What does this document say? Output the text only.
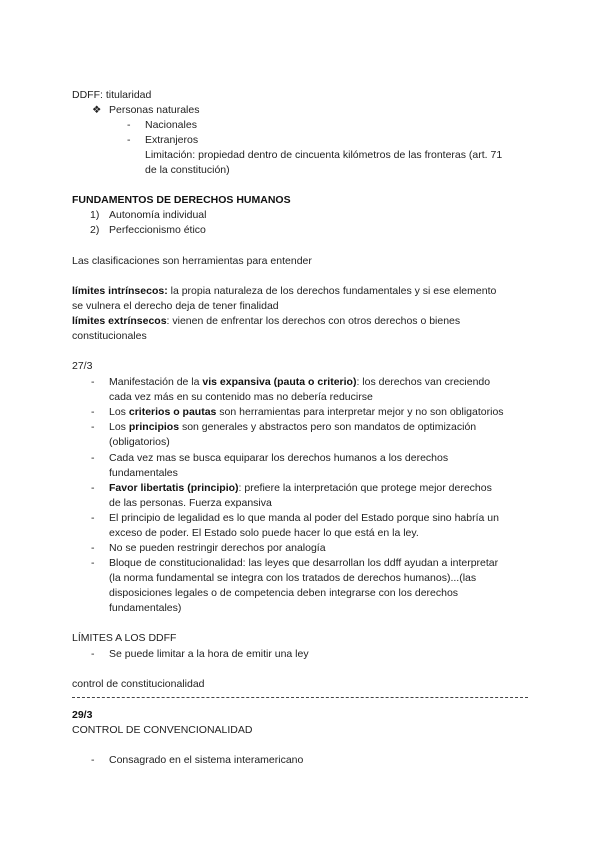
DDFF: titularidad
❖ Personas naturales
- Nacionales
- Extranjeros
Limitación: propiedad dentro de cincuenta kilómetros de las fronteras (art. 71
de la constitución)
FUNDAMENTOS DE DERECHOS HUMANOS
1) Autonomía individual
2) Perfeccionismo ético
Las clasificaciones son herramientas para entender
límites intrínsecos: la propia naturaleza de los derechos fundamentales y si ese elemento
se vulnera el derecho deja de tener finalidad
límites extrínsecos: vienen de enfrentar los derechos con otros derechos o bienes
constitucionales
27/3
- Manifestación de la vis expansiva (pauta o criterio): los derechos van creciendo
cada vez más en su contenido mas no debería reducirse
- Los criterios o pautas son herramientas para interpretar mejor y no son obligatorios
- Los principios son generales y abstractos pero son mandatos de optimización
(obligatorios)
- Cada vez mas se busca equiparar los derechos humanos a los derechos
fundamentales
- Favor libertatis (principio): prefiere la interpretación que protege mejor derechos
de las personas. Fuerza expansiva
- El principio de legalidad es lo que manda al poder del Estado porque sino habría un
exceso de poder. El Estado solo puede hacer lo que está en la ley.
- No se pueden restringir derechos por analogía
- Bloque de constitucionalidad: las leyes que desarrollan los ddff ayudan a interpretar
(la norma fundamental se integra con los tratados de derechos humanos)...(las
disposiciones legales o de competencia deben integrarse con los derechos
fundamentales)
LÍMITES A LOS DDFF
- Se puede limitar a la hora de emitir una ley
control de constitucionalidad
29/3
CONTROL DE CONVENCIONALIDAD
- Consagrado en el sistema interamericano
